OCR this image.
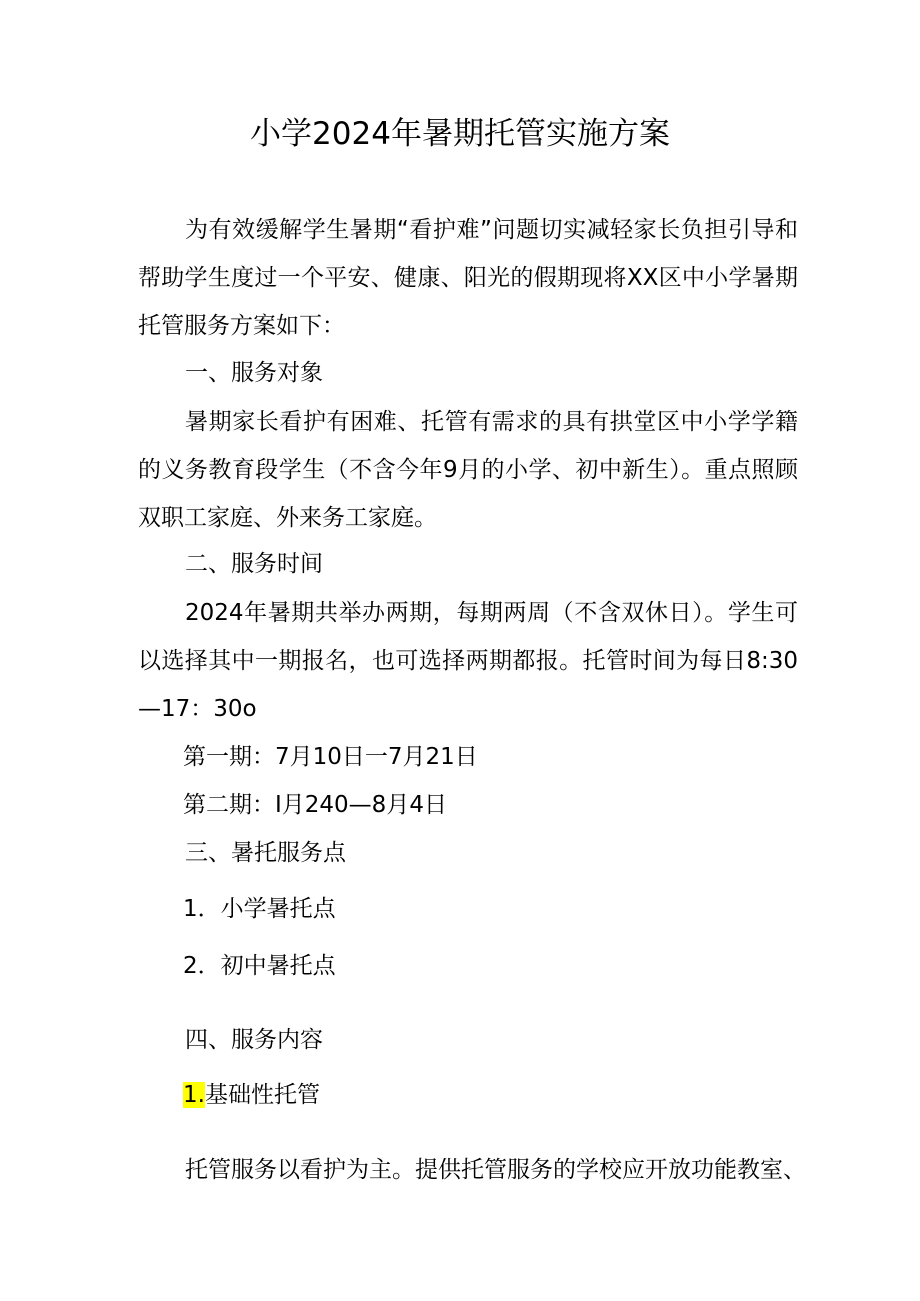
小学2024年暑期托管实施方案

为有效缓解学生暑期“看护难”问题切实减轻家长负担引导和帮助学生度过一个平安、健康、阳光的假期现将XX区中小学暑期托管服务方案如下：

一、服务对象

暑期家长看护有困难、托管有需求的具有拱堂区中小学学籍的义务教育段学生（不含今年9月的小学、初中新生）。重点照顾双职工家庭、外来务工家庭。

二、服务时间

2024年暑期共举办两期，每期两周（不含双休日）。学生可以选择其中一期报名，也可选择两期都报。托管时间为每日8:30—17：30o

第一期：7月10日一7月21日
第二期：I月240—8月4日
三、暑托服务点
1．小学暑托点
2．初中暑托点
四、服务内容
1.基础性托管
托管服务以看护为主。提供托管服务的学校应开放功能教室、
